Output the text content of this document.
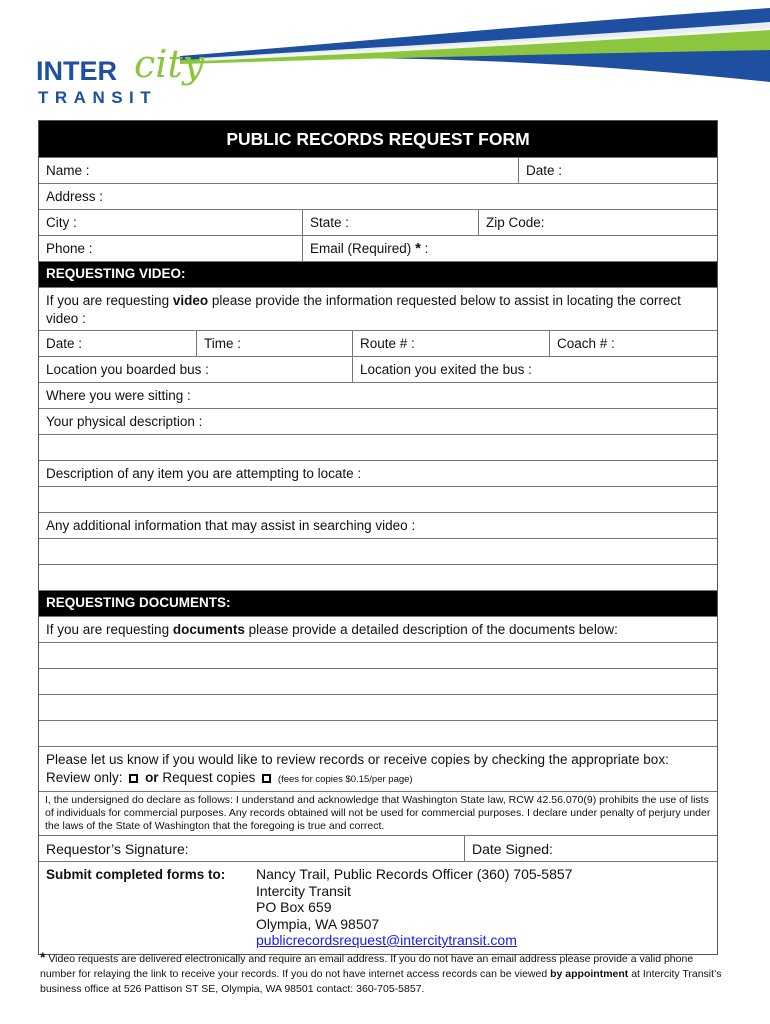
INTER city
TRANSIT
PUBLIC RECORDS REQUEST FORM
Name :	Date :
Address :
City :	State :	Zip Code:
Phone :	Email (Required) * :
REQUESTING VIDEO:
If you are requesting video please provide the information requested below to assist in locating the correct video :
Date :	Time :	Route # :	Coach # :
Location you boarded bus :	Location you exited the bus :
Where you were sitting :
Your physical description :
Description of any item you are attempting to locate :
Any additional information that may assist in searching video :
REQUESTING DOCUMENTS:
If you are requesting documents please provide a detailed description of the documents below:
Please let us know if you would like to review records or receive copies by checking the appropriate box:
Review only: or Request copies (fees for copies $0.15/per page)
I, the undersigned do declare as follows: I understand and acknowledge that Washington State law, RCW 42.56.070(9) prohibits the use of lists of individuals for commercial purposes. Any records obtained will not be used for commercial purposes. I declare under penalty of perjury under the laws of the State of Washington that the foregoing is true and correct.
Requestor’s Signature:	Date Signed:
Submit completed forms to:	Nancy Trail, Public Records Officer (360) 705-5857
Intercity Transit
PO Box 659
Olympia, WA 98507
publicrecordsrequest@intercitytransit.com
* Video requests are delivered electronically and require an email address. If you do not have an email address please provide a valid phone number for relaying the link to receive your records. If you do not have internet access records can be viewed by appointment at Intercity Transit’s business office at 526 Pattison ST SE, Olympia, WA 98501 contact: 360-705-5857.
